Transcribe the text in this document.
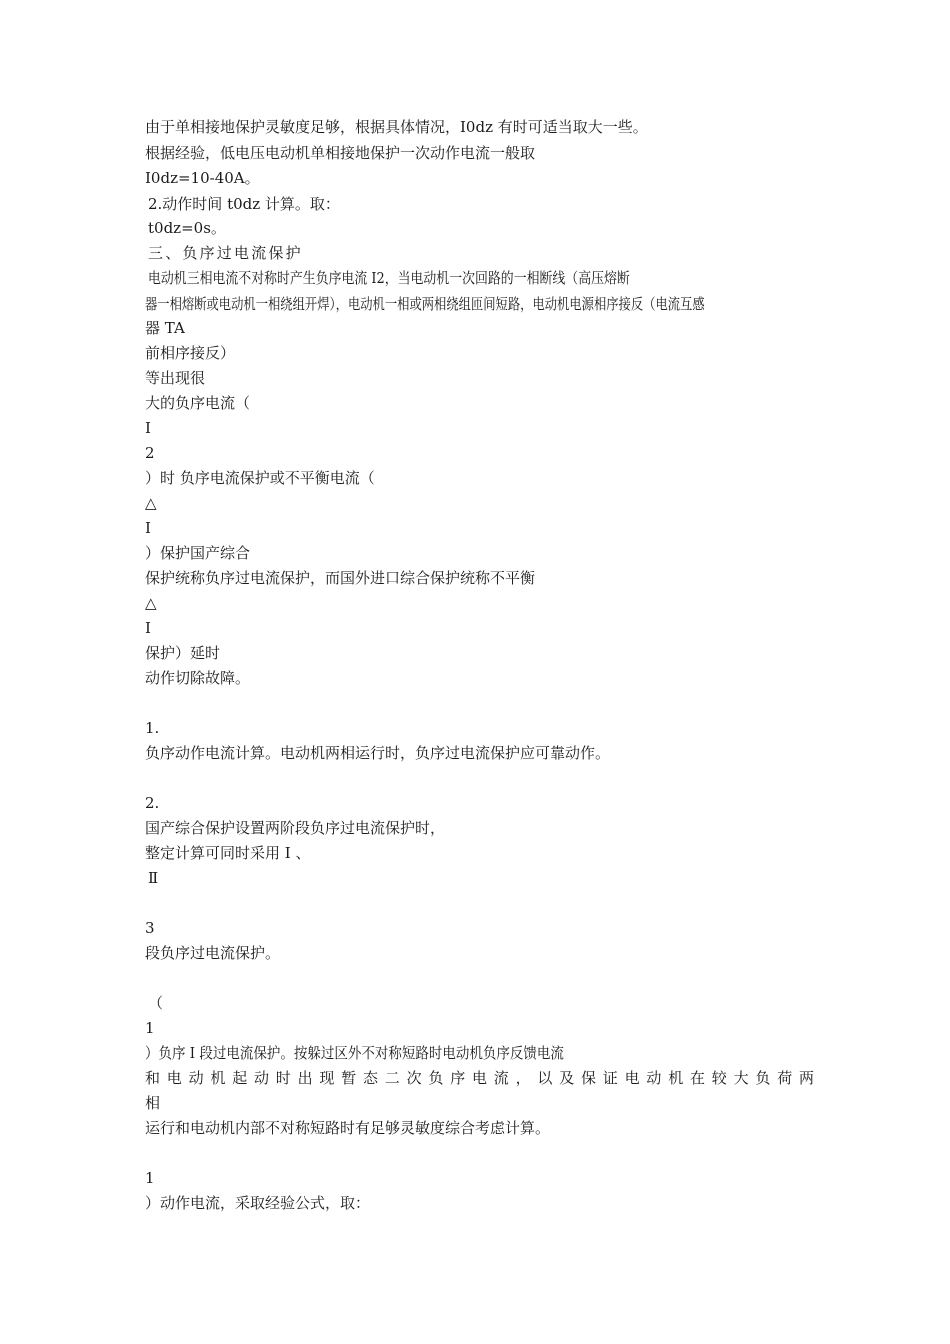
由于单相接地保护灵敏度足够，根据具体情况，I0dz 有时可适当取大一些。
根据经验，低电压电动机单相接地保护一次动作电流一般取
I0dz=10-40A。
2.动作时间 t0dz 计算。取：
t0dz=0s。
三、负序过电流保护
电动机三相电流不对称时产生负序电流 I2，当电动机一次回路的一相断线（高压熔断
器一相熔断或电动机一相绕组开焊），电动机一相或两相绕组匝间短路，电动机电源相序接反（电流互感
器 TA
前相序接反）
等出现很
大的负序电流（
I
2
）时 负序电流保护或不平衡电流（
△
I
）保护国产综合
保护统称负序过电流保护，而国外进口综合保护统称不平衡
△
I
保护）延时
动作切除故障。
1.
负序动作电流计算。电动机两相运行时，负序过电流保护应可靠动作。
2.
国产综合保护设置两阶段负序过电流保护时，
整定计算可同时采用 I 、
Ⅱ
3
段负序过电流保护。
（
1
）负序 I 段过电流保护。按躲过区外不对称短路时电动机负序反馈电流
和电动机起动时出现暂态二次负序电流，以及保证电动机在较大负荷两
相
运行和电动机内部不对称短路时有足够灵敏度综合考虑计算。
1
）动作电流，采取经验公式，取：
